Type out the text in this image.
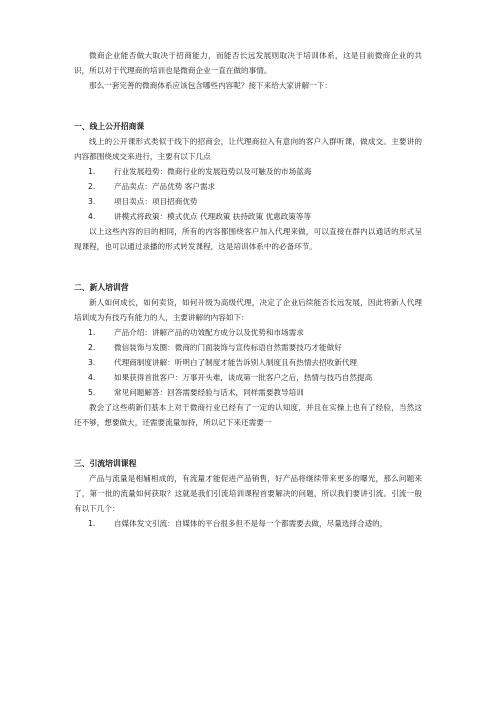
微商企业能否做大取决于招商能力，而能否长远发展则取决于培训体系，这是目前微商企业的共识，所以对于代理商的培训也是微商企业一直在做的事情。

那么一套完善的微商体系应该包含哪些内容呢？接下来给大家讲解一下：

一、线上公开招商课

线上的公开课形式类似于线下的招商会，让代理商拉入有意向的客户入群听课，做成交。主要讲的内容都围绕成交来进行，主要有以下几点

1.	行业发展趋势：微商行业的发展趋势以及可触及的市场蓝海
2.	产品卖点：产品优势 客户需求
3.	项目卖点：项目招商优势
4.	讲模式将政策：模式优点 代理政策 扶持政策 优惠政策等等

以上这些内容的目的相同，所有的内容都围绕客户加入代理来做，可以直接在群内以通话的形式呈现课程，也可以通过录播的形式转发课程，这是培训体系中的必备环节。

二、新人培训营

新人如何成长，如何卖货，如何升级为高级代理，决定了企业后续能否长远发展，因此将新人代理培训成为有技巧有能力的人，主要讲解的内容如下：

1.	产品介绍：讲解产品的功效配方成分以及优势和市场需求
2.	微信装饰与发圈：微商的门面装饰与宣传标语自然需要技巧才能做好
3.	代理商制度讲解：听明白了制度才能告诉别人制度且有热情去招收新代理
4.	如果获得首批客户：万事开头难，谈成第一批客户之后，热情与技巧自然提高
5.	常见问题解答：回答需要经验与话术，同样需要教导培训

教会了这些萌新们基本上对于微商行业已经有了一定的认知度，并且在实操上也有了经验，当然这还不够，想要做大，还需要流量加持，所以记下来还需要一

三、引流培训课程

产品与流量是相辅相成的，有流量才能促进产品销售，好产品将继续带来更多的曝光，那么问题来了，第一批的流量如何获取？这就是我们引流培训课程首要解决的问题，所以我们要讲引流。引流一般有以下几个：

1.	自媒体发文引流：自媒体的平台很多但不是每一个都需要去做，尽量选择合适的，
